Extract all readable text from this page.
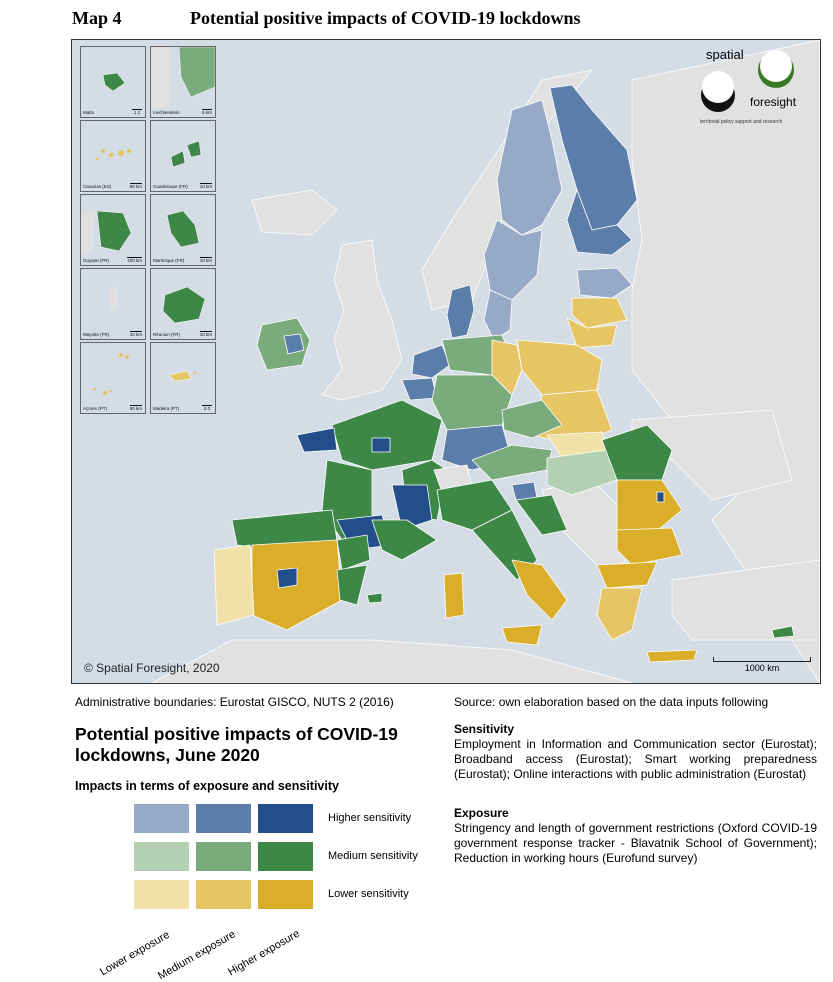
Map 4	Potential positive impacts of COVID-19 lockdowns
Malta	1 2	Liechtenstein	5 km
Canarias (ES)	50 km Guadeloupe (FR)	10 km
Guyane (FR)	100 km Martinique (FR)	10 km
Mayotte (FR)	10 km Réunion (FR)	10 km
Açores (PT)	50 km Madeira (PT)	2 0
spatial
foresight
territorial policy support and research
© Spatial Foresight, 2020	1000 km
Administrative boundaries: Eurostat GISCO, NUTS 2 (2016)	Source: own elaboration based on the data inputs following
Potential positive impacts of COVID-19 lockdowns, June 2020
Impacts in terms of exposure and sensitivity
Higher sensitivity
Medium sensitivity
Lower sensitivity
Lower exposure
Medium exposure
Higher exposure
Sensitivity
Employment in Information and Communication sector (Eurostat); Broadband access (Eurostat); Smart working preparedness (Eurostat); Online interactions with public administration (Eurostat)
Exposure
Stringency and length of government restrictions (Oxford COVID-19 government response tracker - Blavatnik School of Government); Reduction in working hours (Eurofund survey)
